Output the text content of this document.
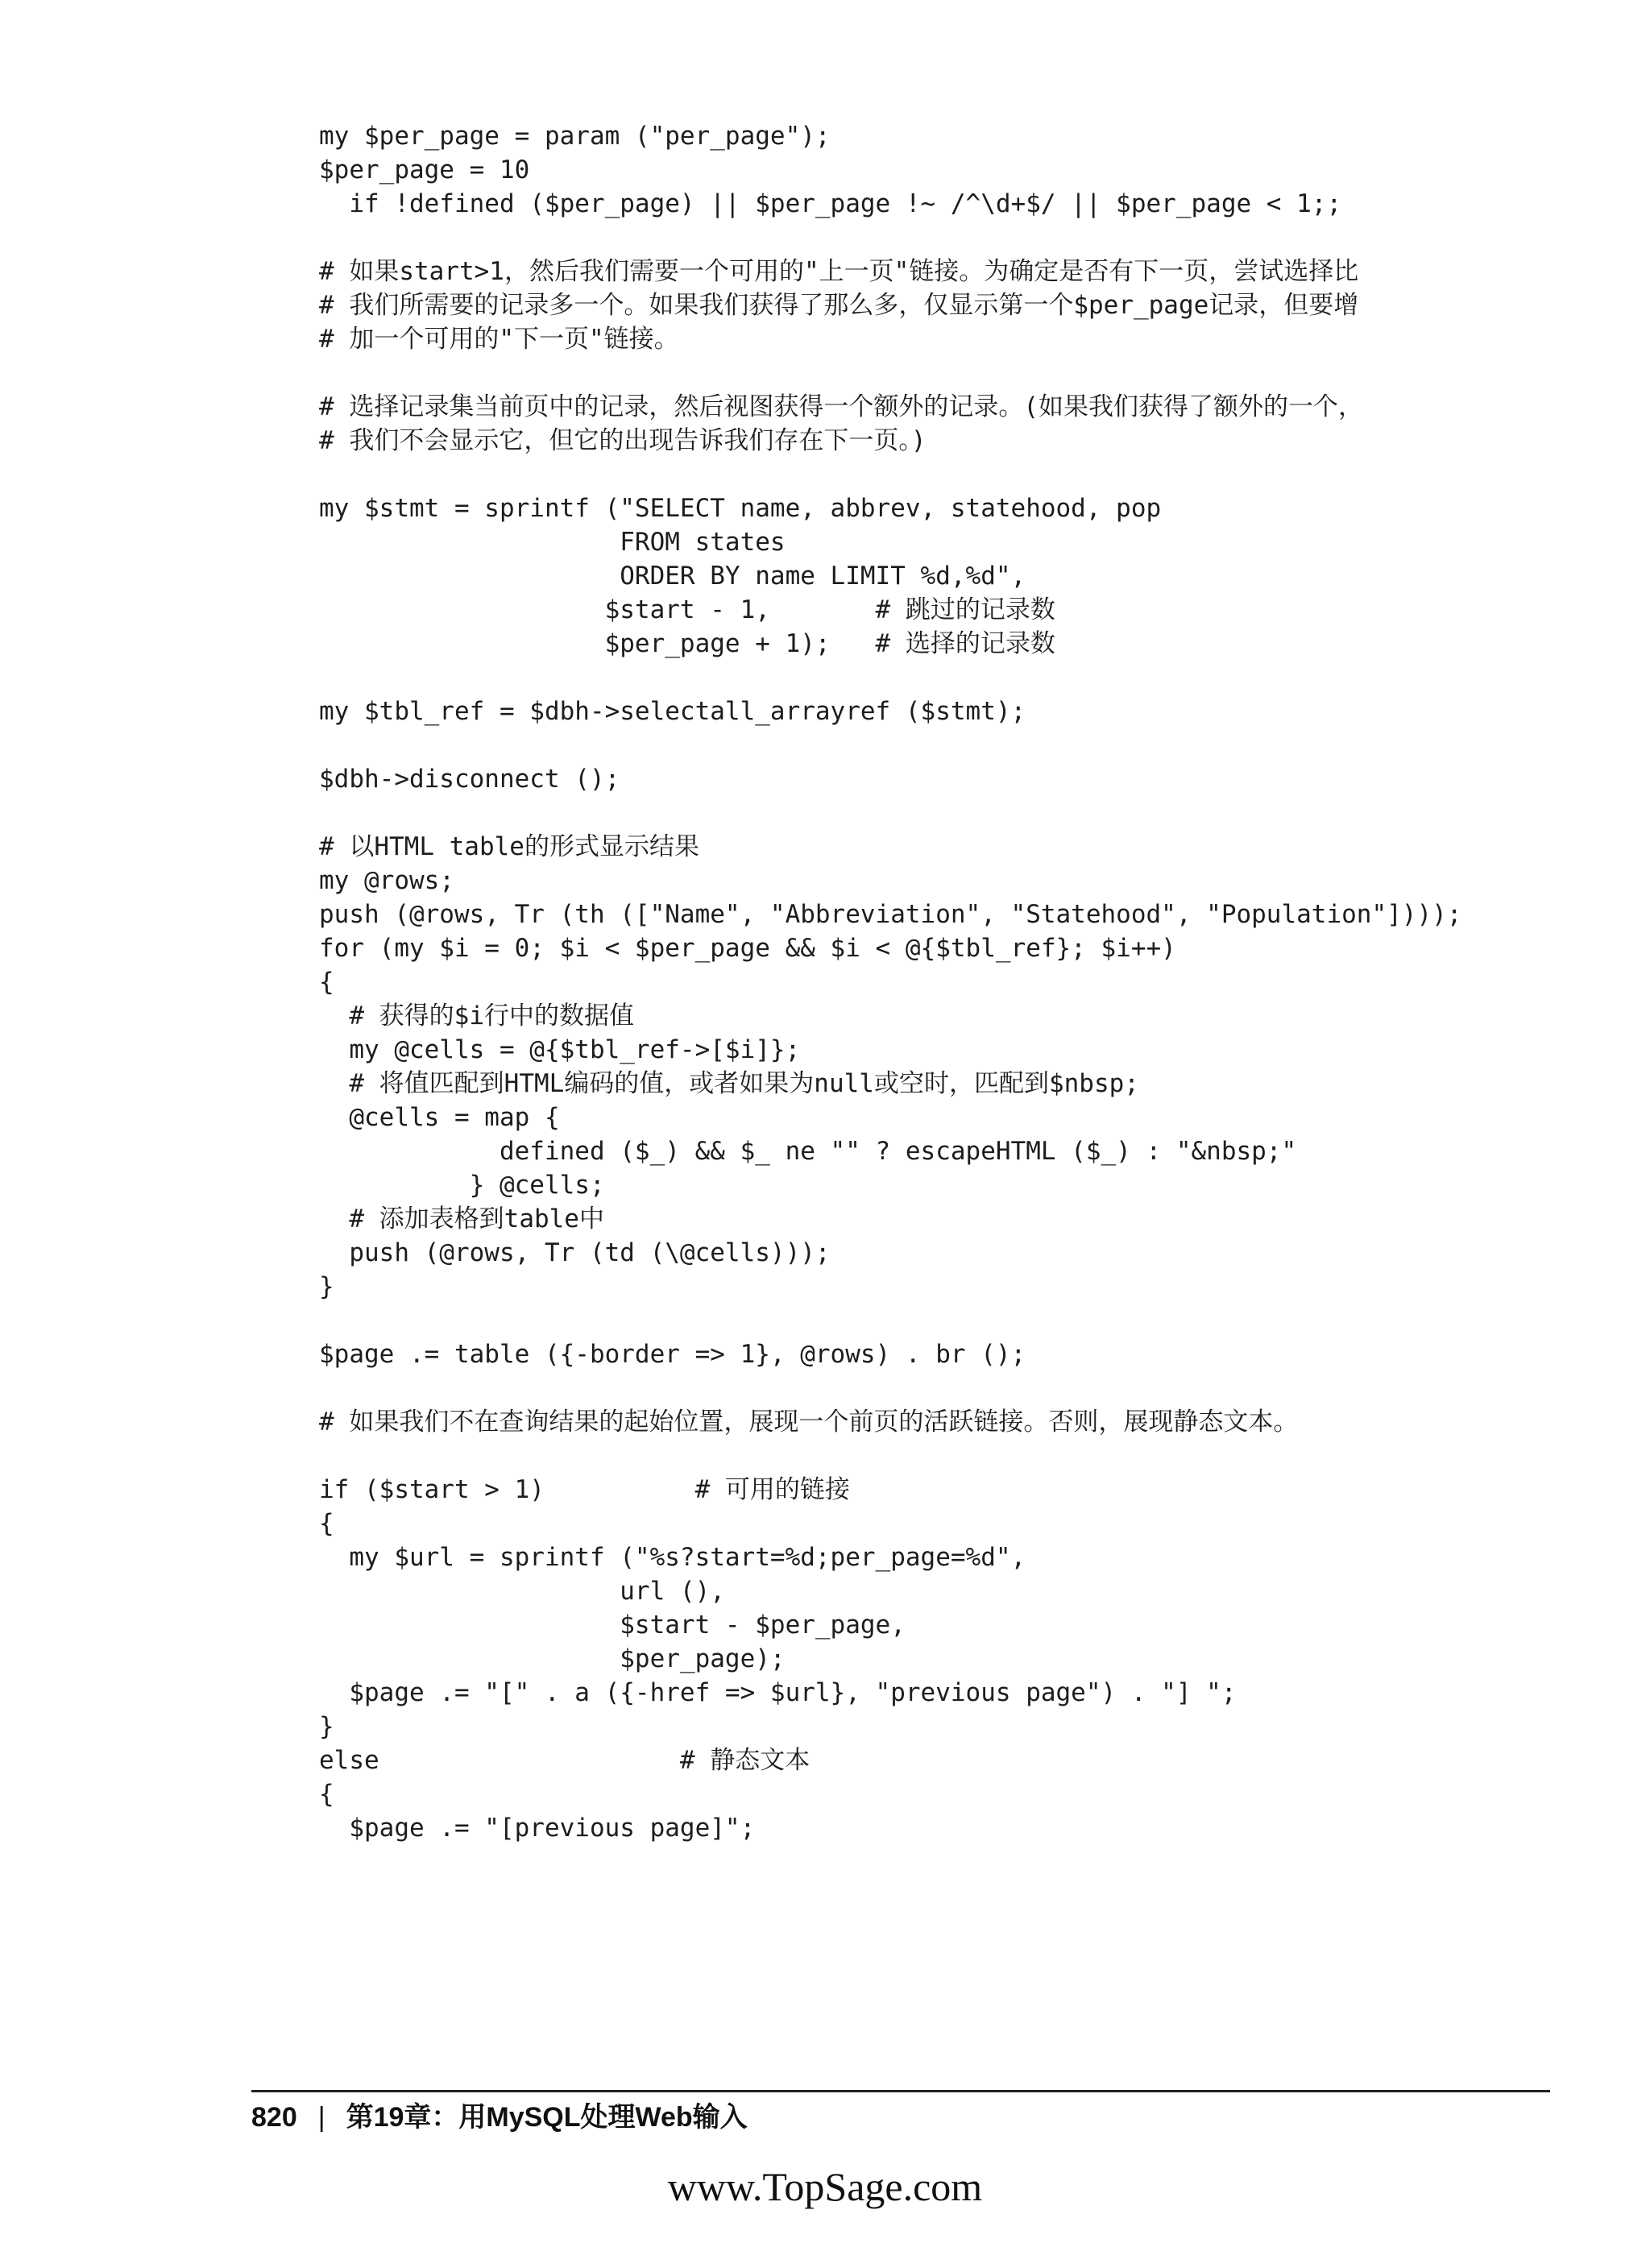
my $per_page = param ("per_page");
$per_page = 10
if !defined ($per_page) || $per_page !~ /^\d+$/ || $per_page < 1;;

# 如果start>1，然后我们需要一个可用的"上一页"链接。为确定是否有下一页，尝试选择比
# 我们所需要的记录多一个。如果我们获得了那么多，仅显示第一个$per_page记录，但要增
# 加一个可用的"下一页"链接。

# 选择记录集当前页中的记录，然后视图获得一个额外的记录。(如果我们获得了额外的一个，
# 我们不会显示它，但它的出现告诉我们存在下一页。)

my $stmt = sprintf ("SELECT name, abbrev, statehood, pop
FROM states
ORDER BY name LIMIT %d,%d",
$start - 1,       # 跳过的记录数
$per_page + 1);   # 选择的记录数

my $tbl_ref = $dbh->selectall_arrayref ($stmt);

$dbh->disconnect ();

# 以HTML table的形式显示结果
my @rows;
push (@rows, Tr (th (["Name", "Abbreviation", "Statehood", "Population"])));
for (my $i = 0; $i < $per_page && $i < @{$tbl_ref}; $i++)
{
# 获得的$i行中的数据值
my @cells = @{$tbl_ref->[$i]};
# 将值匹配到HTML编码的值，或者如果为null或空时，匹配到$nbsp;
@cells = map {
defined ($_) && $_ ne "" ? escapeHTML ($_) : "&nbsp;"
} @cells;
# 添加表格到table中
push (@rows, Tr (td (\@cells)));
}

$page .= table ({-border => 1}, @rows) . br ();

# 如果我们不在查询结果的起始位置，展现一个前页的活跃链接。否则，展现静态文本。

if ($start > 1)          # 可用的链接
{
my $url = sprintf ("%s?start=%d;per_page=%d",
url (),
$start - $per_page,
$per_page);
$page .= "[" . a ({-href => $url}, "previous page") . "] ";
}
else                    # 静态文本
{
$page .= "[previous page]";
820 | 第19章：用MySQL处理Web输入
www.TopSage.com
